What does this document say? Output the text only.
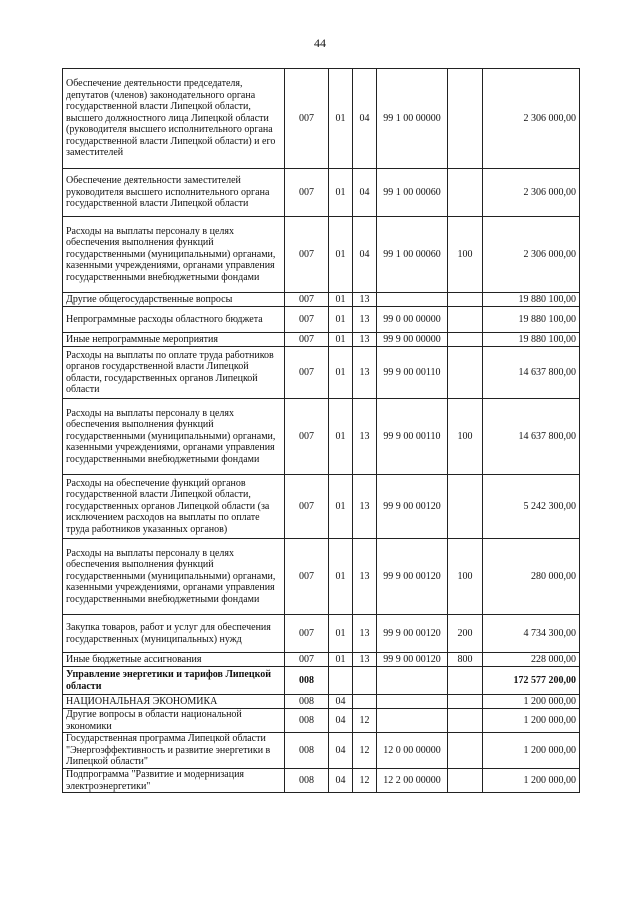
44
Обеспечение деятельности председателя, депутатов (членов) законодательного органа государственной власти Липецкой области, высшего должностного лица Липецкой области (руководителя высшего исполнительного органа государственной власти Липецкой области) и его заместителей	007	01	04	99 1 00 00000		2 306 000,00
Обеспечение деятельности заместителей руководителя высшего исполнительного органа государственной власти Липецкой области	007	01	04	99 1 00 00060		2 306 000,00
Расходы на выплаты персоналу в целях обеспечения выполнения функций государственными (муниципальными) органами, казенными учреждениями, органами управления государственными внебюджетными фондами	007	01	04	99 1 00 00060	100	2 306 000,00
Другие общегосударственные вопросы	007	01	13			19 880 100,00
Непрограммные расходы областного бюджета	007	01	13	99 0 00 00000		19 880 100,00
Иные непрограммные мероприятия	007	01	13	99 9 00 00000		19 880 100,00
Расходы на выплаты по оплате труда работников органов государственной власти Липецкой области, государственных органов Липецкой области	007	01	13	99 9 00 00110		14 637 800,00
Расходы на выплаты персоналу в целях обеспечения выполнения функций государственными (муниципальными) органами, казенными учреждениями, органами управления государственными внебюджетными фондами	007	01	13	99 9 00 00110	100	14 637 800,00
Расходы на обеспечение функций органов государственной власти Липецкой области, государственных органов Липецкой области (за исключением расходов на выплаты по оплате труда работников указанных органов)	007	01	13	99 9 00 00120		5 242 300,00
Расходы на выплаты персоналу в целях обеспечения выполнения функций государственными (муниципальными) органами, казенными учреждениями, органами управления государственными внебюджетными фондами	007	01	13	99 9 00 00120	100	280 000,00
Закупка товаров, работ и услуг для обеспечения государственных (муниципальных) нужд	007	01	13	99 9 00 00120	200	4 734 300,00
Иные бюджетные ассигнования	007	01	13	99 9 00 00120	800	228 000,00
Управление энергетики и тарифов Липецкой области	008					172 577 200,00
НАЦИОНАЛЬНАЯ ЭКОНОМИКА	008	04				1 200 000,00
Другие вопросы в области национальной экономики	008	04	12			1 200 000,00
Государственная программа Липецкой области "Энергоэффективность и развитие энергетики в Липецкой области"	008	04	12	12 0 00 00000		1 200 000,00
Подпрограмма "Развитие и модернизация электроэнергетики"	008	04	12	12 2 00 00000		1 200 000,00
